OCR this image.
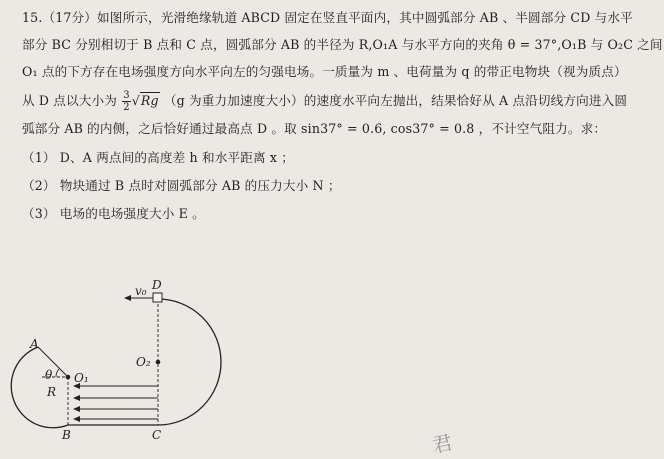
15.（17分）如图所示，光滑绝缘轨道 ABCD 固定在竖直平面内，其中圆弧部分 AB 、半圆部分 CD 与水平
部分 BC 分别相切于 B 点和 C 点，圆弧部分 AB 的半径为 R,O₁A 与水平方向的夹角 θ = 37°,O₁B 与 O₂C 之间
O₁ 点的下方存在电场强度方向水平向左的匀强电场。一质量为 m 、电荷量为 q 的带正电物块（视为质点）
从 D 点以大小为 $\frac{3}{2} √Rg$ （g 为重力加速度大小）的速度水平向左抛出，结果恰好从 A 点沿切线方向进入圆
弧部分 AB 的内侧，之后恰好通过最高点 D 。取 sin37° = 0.6, cos37° = 0.8 ，不计空气阻力。求：
（1） D、A 两点间的高度差 h 和水平距离 x ；
（2） 物块通过 B 点时对圆弧部分 AB 的压力大小 N ；
（3） 电场的电场强度大小 E 。
v₀ D
O₂
A
θ O₁
R
B	C	君
